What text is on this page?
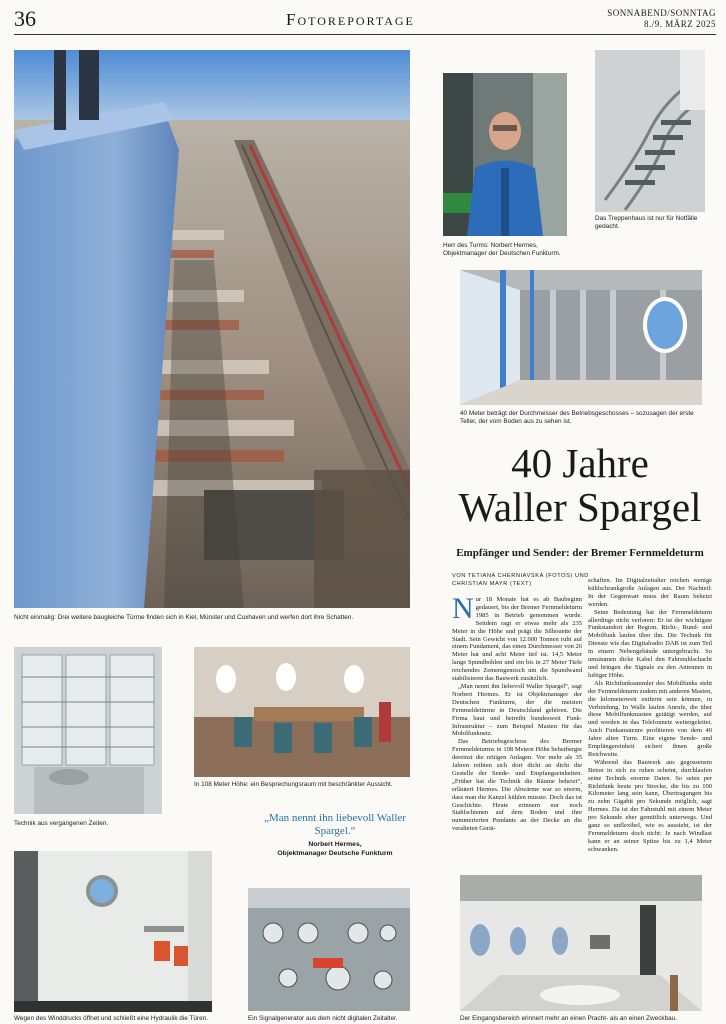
36	Fotoreportage	SONNABEND/SONNTAG
8./9. MÄRZ 2025
Nicht einmalig: Drei weitere baugleiche Türme finden sich in Kiel, Münster und Cuxhaven und werfen dort ihre Schatten.
Herr des Turms: Norbert Hermes, Objektmanager der Deutschen Funkturm.
Das Treppenhaus ist nur für Notfälle gedacht.
40 Meter beträgt der Durchmesser des Betriebsgeschosses – sozusagen der erste Teller, der vom Boden aus zu sehen ist.
40 Jahre
Waller Spargel
Empfänger und Sender: der Bremer Fernmeldeturm
VON TETIANA CHERNIAVSKA (FOTOS) UND CHRISTIAN MAYR (TEXT)
N ur 18 Monate hat es ab Baubeginn gedauert, bis der Bremer Fernmeldeturm 1985 in Betrieb genommen wurde. Seitdem ragt er etwas mehr als 235 Meter in die Höhe und prägt die Silhouette der Stadt. Sein Gewicht von 12.000 Tonnen ruht auf einem Fundament, das einen Durchmesser von 26 Meter hat und acht Meter tief ist. 14,5 Meter lange Spundbohlen und ein bis in 27 Meter Tiefe reichendes Zementgemisch um die Spundwand stabilisieren das Bauwerk zusätzlich.

„Man nennt ihn liebevoll Waller Spargel“, sagt Norbert Hermes. Er ist Objektmanager der Deutschen Funkturm, der die meisten Fernmeldetürme in Deutschland gehören. Die Firma baut und betreibt bundesweit Funk-Infrastruktur – zum Beispiel Masten für das Mobilfunknetz.

Das Betriebsgeschoss des Bremer Fernmeldeturms in 108 Metern Höhe beherbergte dereinst die nötigen Anlagen. Vor mehr als 35 Jahren reihten sich dort dicht an dicht die Gestelle der Sende- und Empfangseinheiten. „Früher hat die Technik die Räume beheizt“, erläutert Hermes. Die Abwärme war so enorm, dass man die Kanzel kühlen musste. Doch das ist Geschichte. Heute erinnern nur noch Stahlschienen auf dem Boden und ihre nummerierten Pendants an der Decke an die veralteten Gerät-

schaften. Im Digitalzeitalter reichen wenige kühlschrankgroße Anlagen aus. Der Nachteil: In der Gegenwart muss der Raum beheizt werden.

Seine Bedeutung hat der Fernmeldeturm allerdings nicht verloren: Er ist der wichtigste Funkstandort der Region. Richt-, Rund- und Mobilfunk laufen über ihn. Die Technik für Dienste wie das Digitalradio DAB ist zum Teil in einem Nebengebäude untergebracht. So umsäumen dicke Kabel den Fahrstuhlschacht und bringen die Signale zu den Antennen in luftiger Höhe.

Als Richtfunksammler des Mobilfunks steht der Fernmeldeturm zudem mit anderen Masten, die kilometerweit entfernt sein können, in Verbindung. In Walle laufen Anrufe, die über diese Mobilfunkmasten getätigt werden, auf und werden in das Telefonnetz weitergeleitet. Auch Funkamateure profitieren von dem 40 Jahre alten Turm. Eine eigene Sende- und Empfängereinheit sichert ihnen große Reichweite.

Während das Bauwerk aus gegossenem Beton in sich zu ruhen scheint, durchlaufen seine Technik enorme Daten. So seien per Richtfunk heute pro Strecke, die bis zu 100 Kilometer lang sein kann, Übertragungen bis zu zehn Gigabit pro Sekunde möglich, sagt Hermes. Da ist der Fahrstuhl mit einem Meter pro Sekunde eher gemütlich unterwegs. Und ganz so unflexibel, wie es aussieht, ist der Fernmeldeturm doch nicht: Je nach Windlast kann er an seiner Spitze bis zu 1,4 Meter schwanken.

Technik aus vergangenen Zeiten.
In 108 Meter Höhe: ein Besprechungsraum mit beschränkter Aussicht.
„Man nennt ihn liebevoll Waller Spargel.“
Norbert Hermes,
Objektmanager Deutsche Funkturm
Wegen des Winddrucks öffnet und schließt eine Hydraulik die Türen.	Ein Signalgenerator aus dem nicht digitalen Zeitalter.	Der Eingangsbereich erinnert mehr an einen Pracht- als an einen Zweckbau.
